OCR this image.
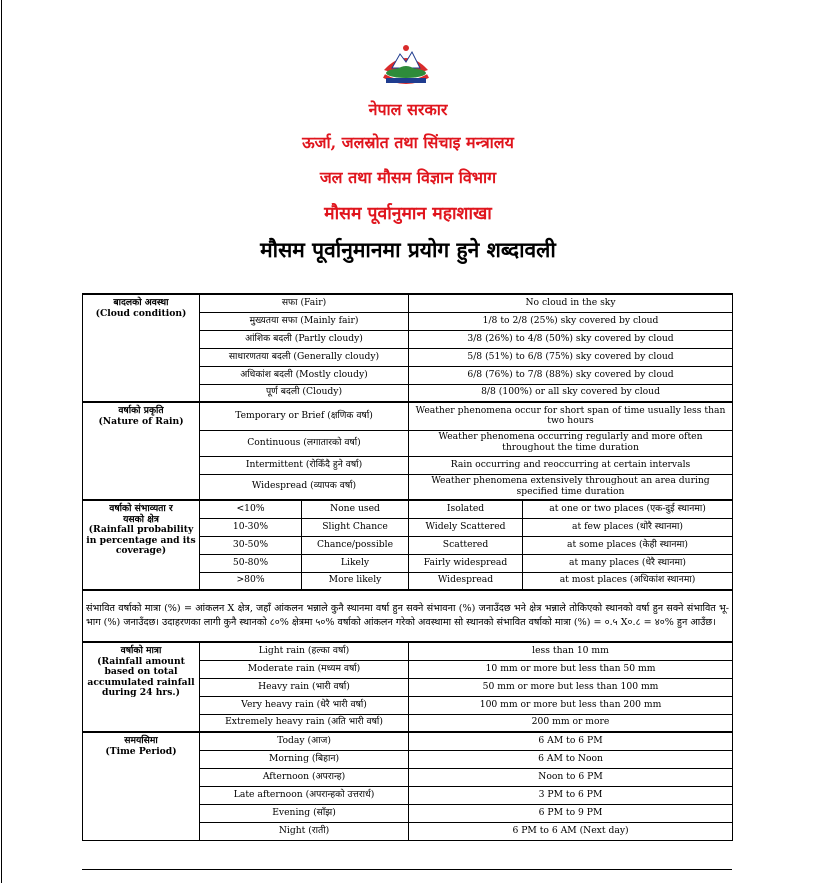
नेपाल सरकार
ऊर्जा, जलस्रोत तथा सिंचाइ मन्त्रालय
जल तथा मौसम विज्ञान विभाग
मौसम पूर्वानुमान महाशाखा
मौसम पूर्वानुमानमा प्रयोग हुने शब्दावली
बादलको अवस्था
(Cloud condition)	सफा (Fair)		No cloud in the sky	
	मुख्यतया सफा (Mainly fair)		1/8 to 2/8 (25%) sky covered by cloud	
	आंशिक बदली (Partly cloudy)		3/8 (26%) to 4/8 (50%) sky covered by cloud	
	साधारणतया बदली (Generally cloudy)		5/8 (51%) to 6/8 (75%) sky covered by cloud	
	अधिकांश बदली (Mostly cloudy)		6/8 (76%) to 7/8 (88%) sky covered by cloud	
	पूर्ण बदली (Cloudy)		8/8 (100%) or all sky covered by cloud	

वर्षाको प्रकृति
(Nature of Rain)	Temporary or Brief (क्षणिक वर्षा)		Weather phenomena occur for short span of time usually less than two hours	
	Continuous (लगातारको वर्षा)		Weather phenomena occurring regularly and more often throughout the time duration	
	Intermittent (रोकिँदै हुने वर्षा)		Rain occurring and reoccurring at certain intervals	
	Widespread (व्यापक वर्षा)		Weather phenomena extensively throughout an area during specified time duration	

वर्षाको संभाव्यता र
यसको क्षेत्र
(Rainfall probability in percentage and its coverage)	<10%	None used	Isolated	at one or two places (एक-दुई स्थानमा)
	10-30%	Slight Chance	Widely Scattered	at few places (थोरै स्थानमा)
	30-50%	Chance/possible	Scattered	at some places (केही स्थानमा)
	50-80%	Likely	Fairly widespread	at many places (धेरै स्थानमा)
	>80%	More likely	Widespread	at most places (अधिकांश स्थानमा)
संभावित वर्षाको मात्रा (%) = आंकलन X क्षेत्र, जहाँ आंकलन भन्नाले कुनै स्थानमा वर्षा हुन सक्ने संभावना (%) जनाउँदछ भने क्षेत्र भन्नाले तोकिएको स्थानको वर्षा हुन सक्ने संभावित भू-भाग (%) जनाउँदछ। उदाहरणका लागी कुनै स्थानको ८०% क्षेत्रमा ५०% वर्षाको आंकलन गरेको अवस्थामा सो स्थानको संभावित वर्षाको मात्रा (%) = ०.५ X०.८ = ४०% हुन आउँछ।				

वर्षाको मात्रा
(Rainfall amount based on total accumulated rainfall during 24 hrs.)	Light rain (हल्का वर्षा)		less than 10 mm	
	Moderate rain (मध्यम वर्षा)		10 mm or more but less than 50 mm	
	Heavy rain (भारी वर्षा)		50 mm or more but less than 100 mm	
	Very heavy rain (धेरै भारी वर्षा)		100 mm or more but less than 200 mm	
	Extremely heavy rain (अति भारी वर्षा)		200 mm or more	

समयसिमा
(Time Period)	Today (आज)		6 AM to 6 PM	
	Morning (बिहान)		6 AM to Noon	
	Afternoon (अपरान्ह)		Noon to 6 PM	
	Late afternoon (अपरान्हको उत्तरार्ध)		3 PM to 6 PM	
	Evening (साँझ)		6 PM to 9 PM	
	Night (राती)		6 PM to 6 AM (Next day)	
